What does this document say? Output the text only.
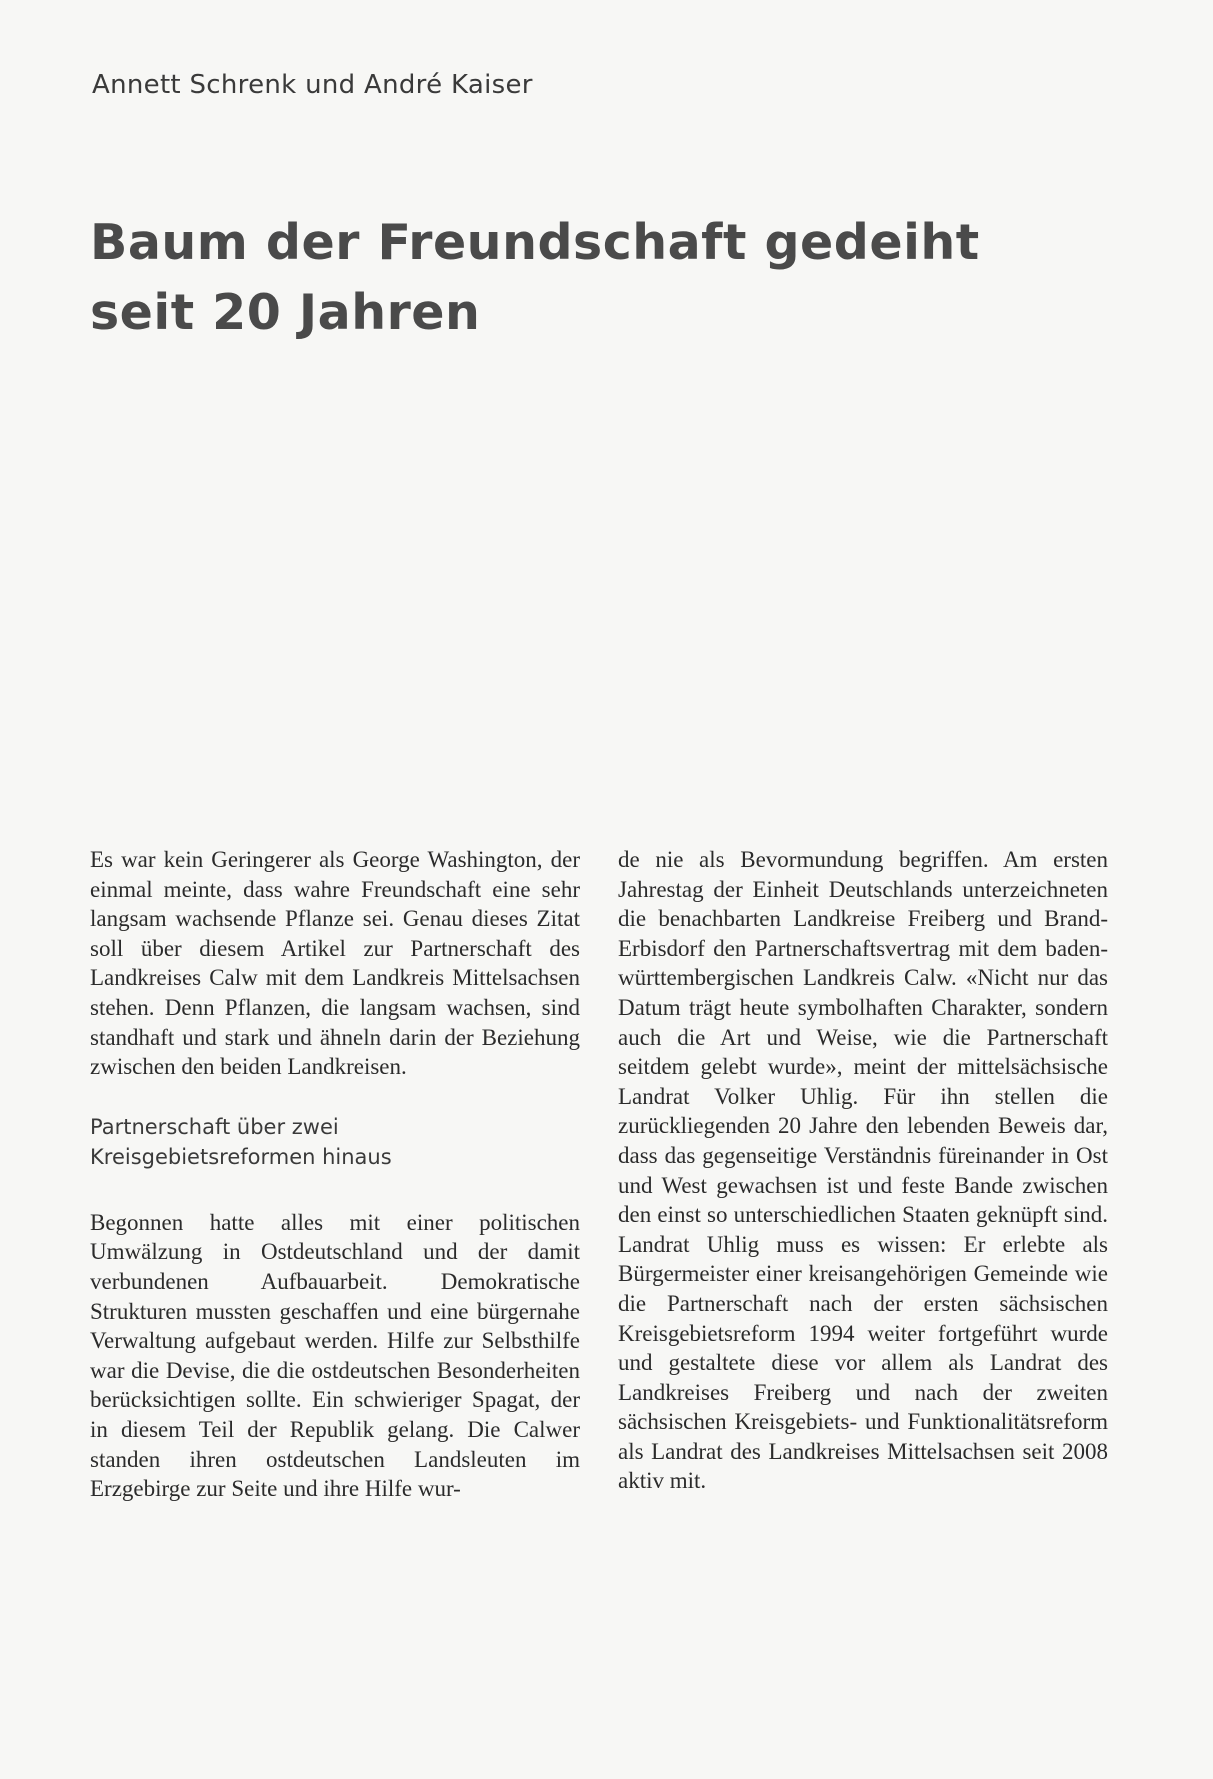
Annett Schrenk und André Kaiser
Baum der Freundschaft gedeiht
seit 20 Jahren

Es war kein Geringerer als George Washington, der einmal meinte, dass wahre Freundschaft eine sehr langsam wachsende Pflanze sei. Genau dieses Zitat soll über diesem Artikel zur Partnerschaft des Landkreises Calw mit dem Landkreis Mittelsachsen stehen. Denn Pflanzen, die langsam wachsen, sind standhaft und stark und ähneln darin der Beziehung zwischen den beiden Landkreisen.

Partnerschaft über zwei
Kreisgebietsreformen hinaus

Begonnen hatte alles mit einer politischen Umwälzung in Ostdeutschland und der damit verbundenen Aufbauarbeit. Demokratische Strukturen mussten geschaffen und eine bürgernahe Verwaltung aufgebaut werden. Hilfe zur Selbsthilfe war die Devise, die die ostdeutschen Besonderheiten berücksichtigen sollte. Ein schwieriger Spagat, der in diesem Teil der Republik gelang. Die Calwer standen ihren ostdeutschen Landsleuten im Erzgebirge zur Seite und ihre Hilfe wur-

de nie als Bevormundung begriffen. Am ersten Jahrestag der Einheit Deutschlands unterzeichneten die benachbarten Landkreise Freiberg und Brand-Erbisdorf den Partnerschaftsvertrag mit dem baden-württembergischen Landkreis Calw. «Nicht nur das Datum trägt heute symbolhaften Charakter, sondern auch die Art und Weise, wie die Partnerschaft seitdem gelebt wurde», meint der mittelsächsische Landrat Volker Uhlig. Für ihn stellen die zurückliegenden 20 Jahre den lebenden Beweis dar, dass das gegenseitige Verständnis füreinander in Ost und West gewachsen ist und feste Bande zwischen den einst so unterschiedlichen Staaten geknüpft sind. Landrat Uhlig muss es wissen: Er erlebte als Bürgermeister einer kreisangehörigen Gemeinde wie die Partnerschaft nach der ersten sächsischen Kreisgebietsreform 1994 weiter fortgeführt wurde und gestaltete diese vor allem als Landrat des Landkreises Freiberg und nach der zweiten sächsischen Kreisgebiets- und Funktionalitätsreform als Landrat des Landkreises Mittelsachsen seit 2008 aktiv mit.
